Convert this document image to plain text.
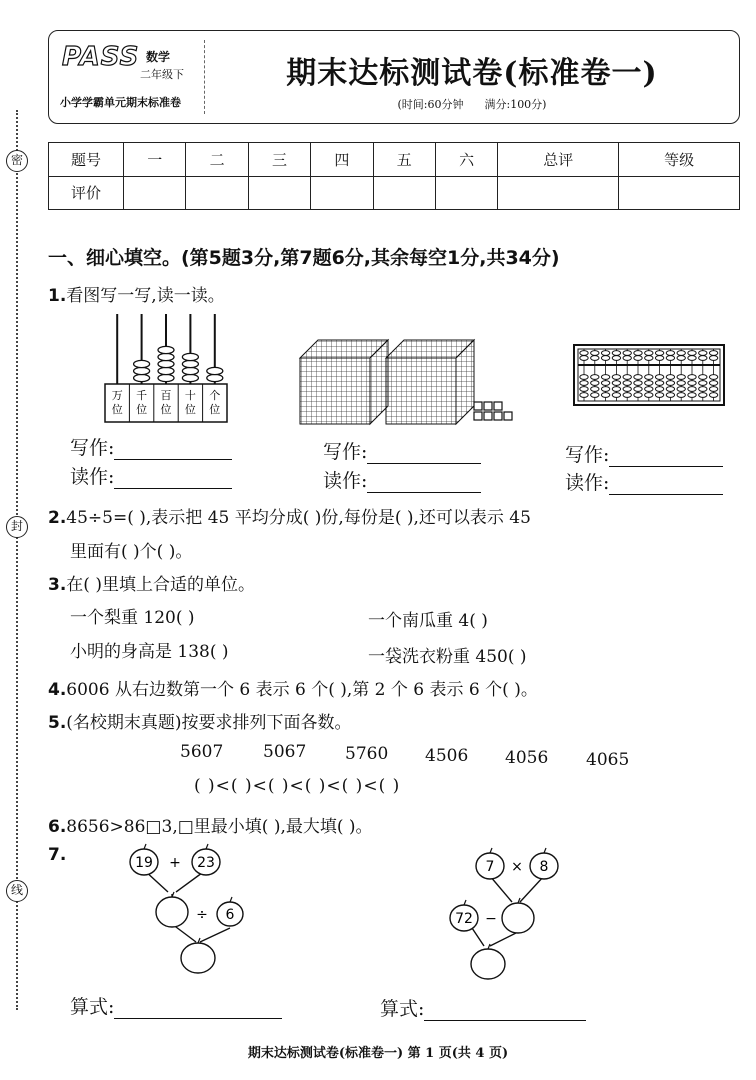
密
封
线
PASS 数学
二年级下
小学学霸单元期末标准卷
期末达标测试卷(标准卷一)
(时间:60分钟 满分:100分)
题号	一	二	三	四	五	六	总评	等级
评价								
一、细心填空。(第5题3分,第7题6分,其余每空1分,共34分)
1.看图写一写,读一读。
万
位
千
位
百
位
十
位
个
位
写作:
读作:
写作:
读作:
写作:
读作:
2.45÷5=( ),表示把 45 平均分成( )份,每份是( ),还可以表示 45
里面有( )个( )。
3.在( )里填上合适的单位。
一个梨重 120( )	一个南瓜重 4( )
小明的身高是 138( )	一袋洗衣粉重 450( )
4.6006 从右边数第一个 6 表示 6 个( ),第 2 个 6 表示 6 个( )。
5.(名校期末真题)按要求排列下面各数。
5607 5067 5760 4506 4056 4065
( )<( )<( )<( )<( )<( )
6.8656>86□3,□里最小填( ),最大填( )。
7.	19 + 23
÷ 6
7 × 8
72 −
算式:	算式:
期末达标测试卷(标准卷一) 第 1 页(共 4 页)
